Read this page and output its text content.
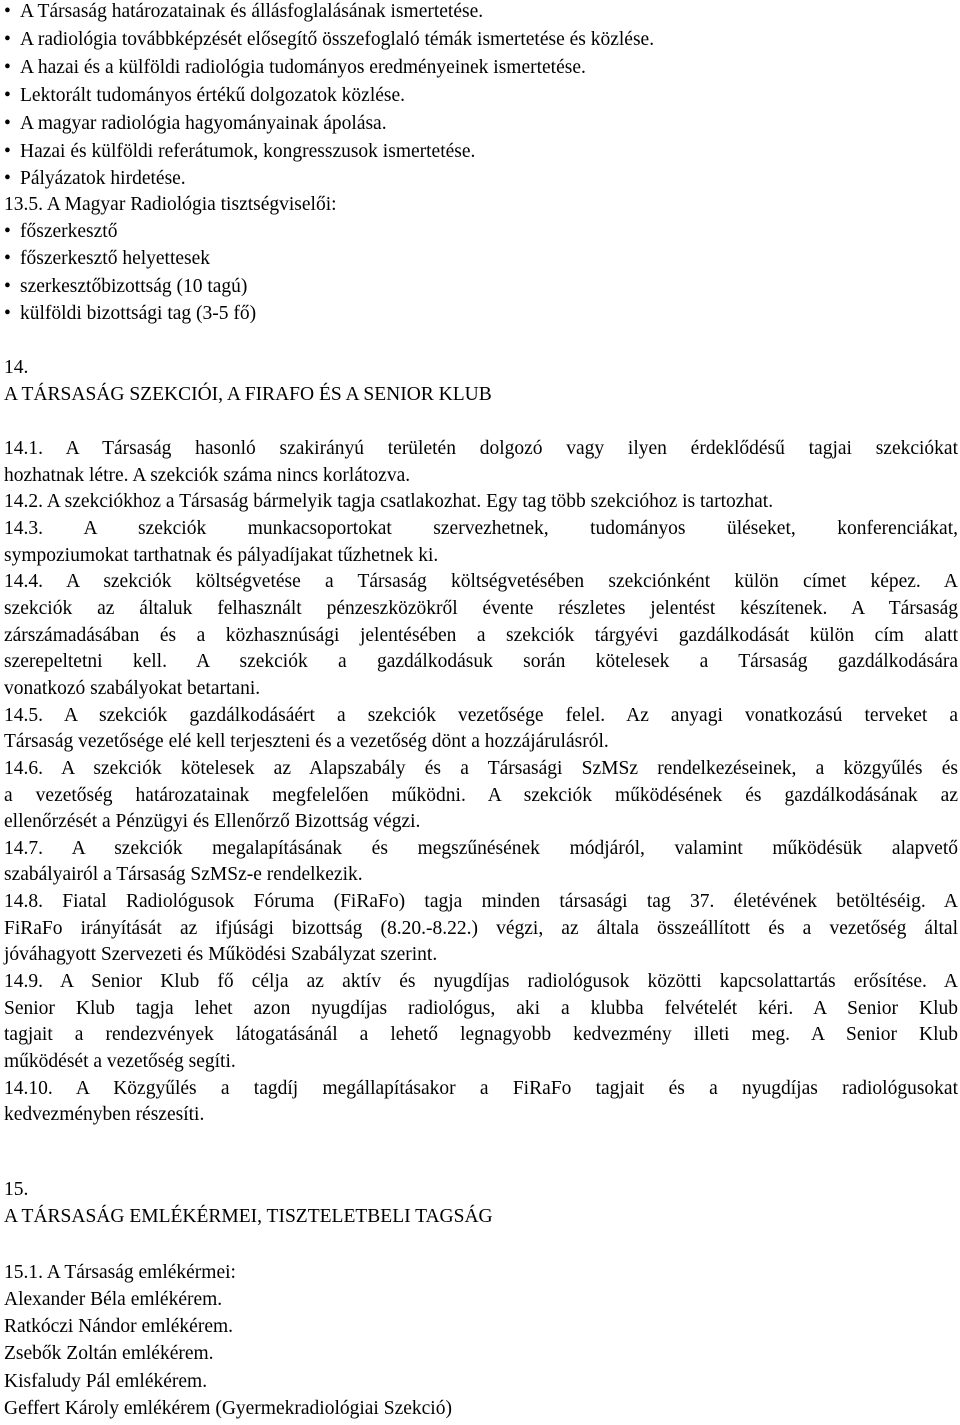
• A Társaság határozatainak és állásfoglalásának ismertetése.
• A radiológia továbbképzését elősegítő összefoglaló témák ismertetése és közlése.
• A hazai és a külföldi radiológia tudományos eredményeinek ismertetése.
• Lektorált tudományos értékű dolgozatok közlése.
• A magyar radiológia hagyományainak ápolása.
• Hazai és külföldi referátumok, kongresszusok ismertetése.
• Pályázatok hirdetése.
13.5. A Magyar Radiológia tisztségviselői:
• főszerkesztő
• főszerkesztő helyettesek
• szerkesztőbizottság (10 tagú)
• külföldi bizottsági tag (3-5 fő)
14.
A TÁRSASÁG SZEKCIÓI, A FIRAFO ÉS A SENIOR KLUB
14.1. A Társaság hasonló szakirányú területén dolgozó vagy ilyen érdeklődésű tagjai szekciókat
hozhatnak létre. A szekciók száma nincs korlátozva.
14.2. A szekciókhoz a Társaság bármelyik tagja csatlakozhat. Egy tag több szekcióhoz is tartozhat.
14.3. A szekciók munkacsoportokat szervezhetnek, tudományos üléseket, konferenciákat,
sympoziumokat tarthatnak és pályadíjakat tűzhetnek ki.
14.4. A szekciók költségvetése a Társaság költségvetésében szekciónként külön címet képez. A
szekciók az általuk felhasznált pénzeszközökről évente részletes jelentést készítenek. A Társaság
zárszámadásában és a közhasznúsági jelentésében a szekciók tárgyévi gazdálkodását külön cím alatt
szerepeltetni kell. A szekciók a gazdálkodásuk során kötelesek a Társaság gazdálkodására
vonatkozó szabályokat betartani.
14.5. A szekciók gazdálkodásáért a szekciók vezetősége felel. Az anyagi vonatkozású terveket a
Társaság vezetősége elé kell terjeszteni és a vezetőség dönt a hozzájárulásról.
14.6. A szekciók kötelesek az Alapszabály és a Társasági SzMSz rendelkezéseinek, a közgyűlés és
a vezetőség határozatainak megfelelően működni. A szekciók működésének és gazdálkodásának az
ellenőrzését a Pénzügyi és Ellenőrző Bizottság végzi.
14.7. A szekciók megalapításának és megszűnésének módjáról, valamint működésük alapvető
szabályairól a Társaság SzMSz-e rendelkezik.
14.8. Fiatal Radiológusok Fóruma (FiRaFo) tagja minden társasági tag 37. életévének betöltéséig. A
FiRaFo irányítását az ifjúsági bizottság (8.20.-8.22.) végzi, az általa összeállított és a vezetőség által
jóváhagyott Szervezeti és Működési Szabályzat szerint.
14.9. A Senior Klub fő célja az aktív és nyugdíjas radiológusok közötti kapcsolattartás erősítése. A
Senior Klub tagja lehet azon nyugdíjas radiológus, aki a klubba felvételét kéri. A Senior Klub
tagjait a rendezvények látogatásánál a lehető legnagyobb kedvezmény illeti meg. A Senior Klub
működését a vezetőség segíti.
14.10. A Közgyűlés a tagdíj megállapításakor a FiRaFo tagjait és a nyugdíjas radiológusokat
kedvezményben részesíti.
15.
A TÁRSASÁG EMLÉKÉRMEI, TISZTELETBELI TAGSÁG
15.1. A Társaság emlékérmei:
Alexander Béla emlékérem.
Ratkóczi Nándor emlékérem.
Zsebők Zoltán emlékérem.
Kisfaludy Pál emlékérem.
Geffert Károly emlékérem (Gyermekradiológiai Szekció)
